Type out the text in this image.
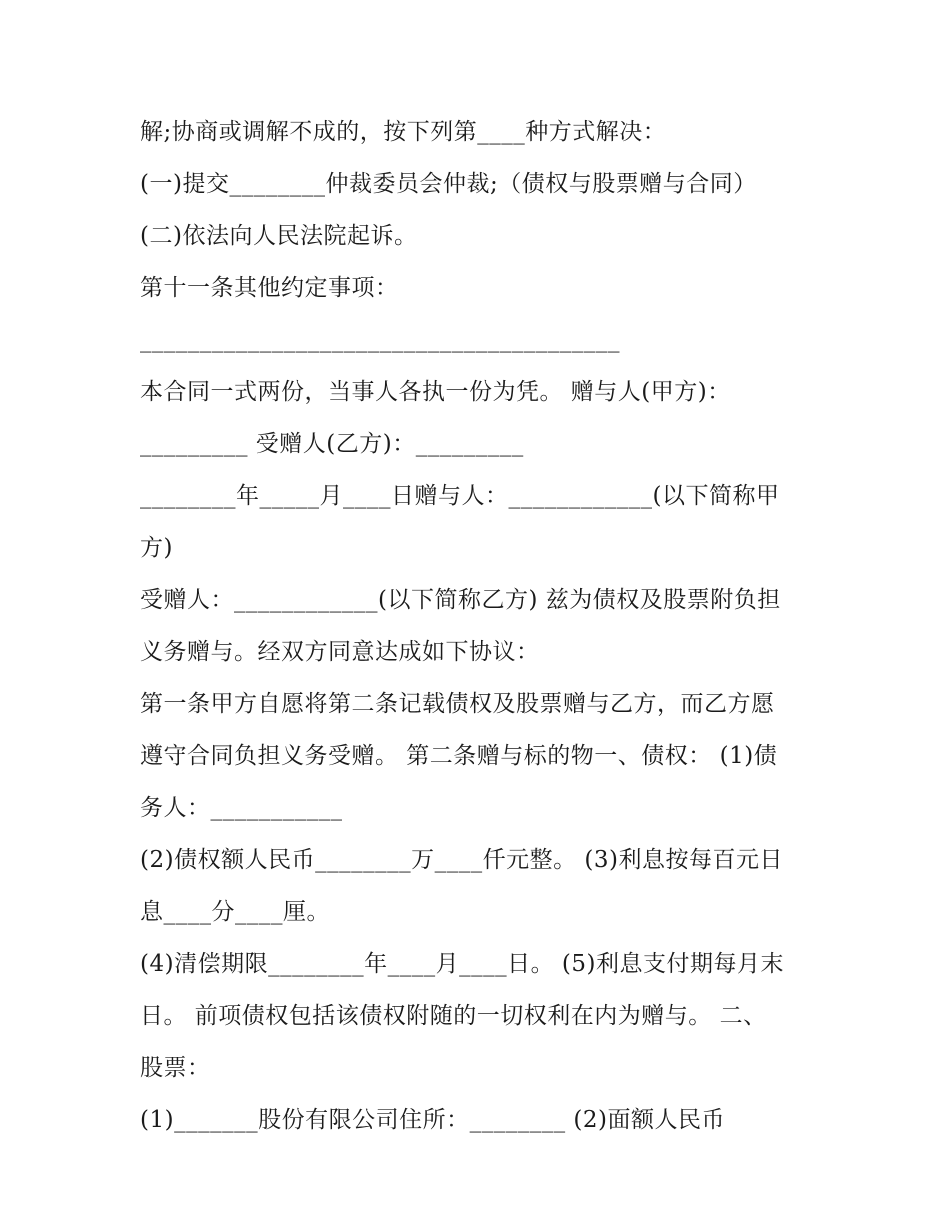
解;协商或调解不成的，按下列第____种方式解决：
(一)提交________仲裁委员会仲裁;（债权与股票赠与合同）
(二)依法向人民法院起诉。
第十一条其他约定事项：
________________________________________
本合同一式两份，当事人各执一份为凭。 赠与人(甲方)：
_________ 受赠人(乙方)：_________
________年_____月____日赠与人：____________(以下简称甲
方)
受赠人：____________(以下简称乙方) 兹为债权及股票附负担
义务赠与。经双方同意达成如下协议：
第一条甲方自愿将第二条记载债权及股票赠与乙方，而乙方愿
遵守合同负担义务受赠。 第二条赠与标的物一、债权： (1)债
务人：___________
(2)债权额人民币________万____仟元整。 (3)利息按每百元日
息____分____厘。
(4)清偿期限________年____月____日。 (5)利息支付期每月末
日。 前项债权包括该债权附随的一切权利在内为赠与。 二、
股票：
(1)_______股份有限公司住所：________ (2)面额人民币
